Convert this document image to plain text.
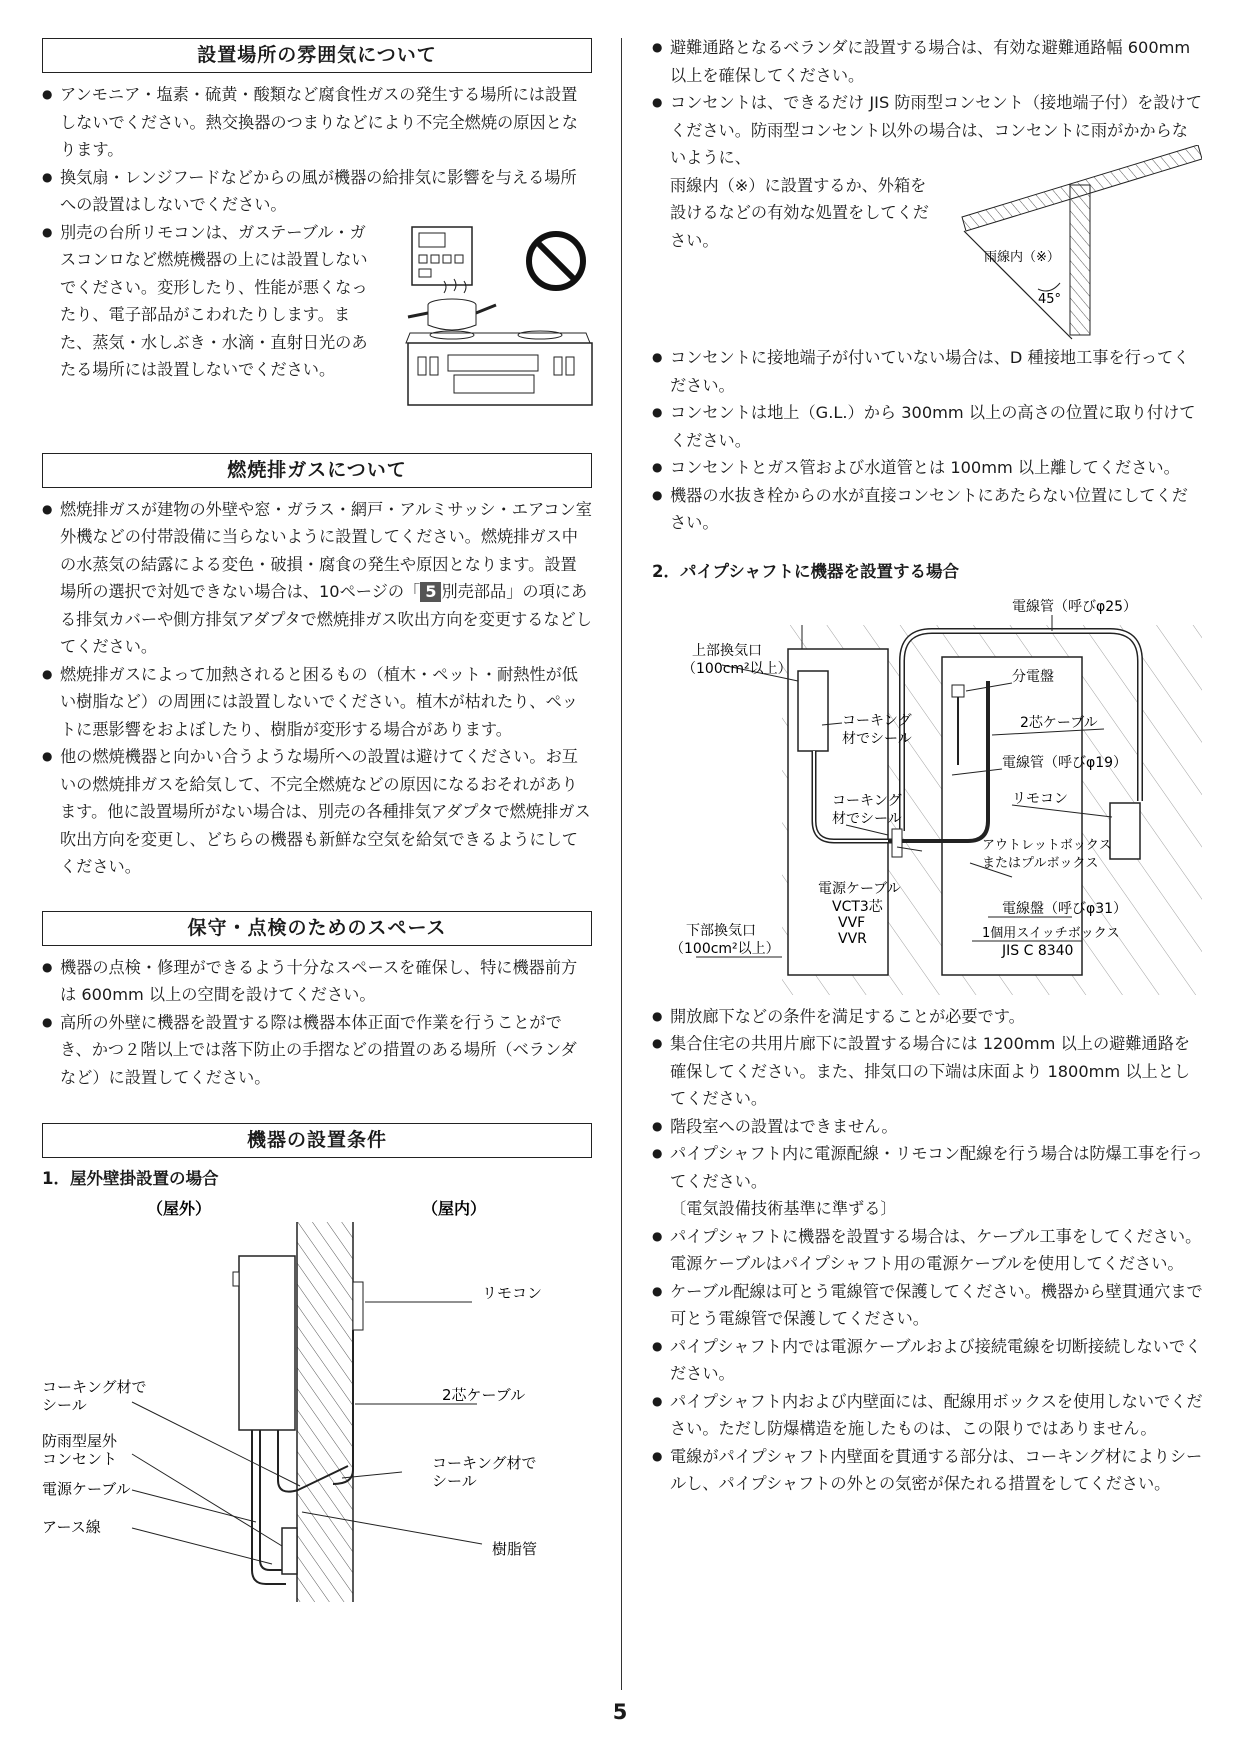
設置場所の雰囲気について

● アンモニア・塩素・硫黄・酸類など腐食性ガスの発生する場所には設置しないでください。熱交換器のつまりなどにより不完全燃焼の原因となります。

● 換気扇・レンジフードなどからの風が機器の給排気に影響を与える場所への設置はしないでください。

● 別売の台所リモコンは、ガステーブル・ガスコンロなど燃焼機器の上には設置しないでください。変形したり、性能が悪くなったり、電子部品がこわれたりします。また、蒸気・水しぶき・水滴・直射日光のあたる場所には設置しないでください。

燃焼排ガスについて

● 燃焼排ガスが建物の外壁や窓・ガラス・網戸・アルミサッシ・エアコン室外機などの付帯設備に当らないように設置してください。燃焼排ガス中の水蒸気の結露による変色・破損・腐食の発生や原因となります。設置場所の選択で対処できない場合は、10ページの「 5 別売部品」の項にある排気カバーや側方排気アダプタで燃焼排ガス吹出方向を変更するなどしてください。

● 燃焼排ガスによって加熱されると困るもの（植木・ペット・耐熱性が低い樹脂など）の周囲には設置しないでください。植木が枯れたり、ペットに悪影響をおよぼしたり、樹脂が変形する場合があります。

● 他の燃焼機器と向かい合うような場所への設置は避けてください。お互いの燃焼排ガスを給気して、不完全燃焼などの原因になるおそれがあります。他に設置場所がない場合は、別売の各種排気アダプタで燃焼排ガス吹出方向を変更し、どちらの機器も新鮮な空気を給気できるようにしてください。

保守・点検のためのスペース

● 機器の点検・修理ができるよう十分なスペースを確保し、特に機器前方は 600mm 以上の空間を設けてください。

● 高所の外壁に機器を設置する際は機器本体正面で作業を行うことができ、かつ２階以上では落下防止の手摺などの措置のある場所（ベランダなど）に設置してください。

機器の設置条件

1．屋外壁掛設置の場合

（屋外）	（屋内）
リモコン
2芯ケーブル
コーキング材で
シール
防雨型屋外
コンセント
電源ケーブル
アース線
コーキング材で
シール
樹脂管

● 避難通路となるベランダに設置する場合は、有効な避難通路幅 600mm 以上を確保してください。

● コンセントは、できるだけ JIS 防雨型コンセント（接地端子付）を設けてください。防雨型コンセント以外の場合は、コンセントに雨がかからないように、

雨線内（※）に設置するか、外箱を設けるなどの有効な処置をしてください。

雨線内（※）
45°

● コンセントに接地端子が付いていない場合は、D 種接地工事を行ってください。

● コンセントは地上（G.L.）から 300mm 以上の高さの位置に取り付けてください。

● コンセントとガス管および水道管とは 100mm 以上離してください。

● 機器の水抜き栓からの水が直接コンセントにあたらない位置にしてください。

2．パイプシャフトに機器を設置する場合

電線管（呼びφ25）
上部換気口
（100cm²以上）	分電盤
コーキング
材でシール
2芯ケーブル
電線管（呼びφ19）
コーキング
材でシール
リモコン
アウトレットボックス
またはプルボックス
電源ケーブル
VCT3芯
VVF
VVR
電線盤（呼びφ31）
下部換気口
（100cm²以上）
1個用スイッチボックス
JIS C 8340

● 開放廊下などの条件を満足することが必要です。

● 集合住宅の共用片廊下に設置する場合には 1200mm 以上の避難通路を確保してください。また、排気口の下端は床面より 1800mm 以上としてください。

● 階段室への設置はできません。

● パイプシャフト内に電源配線・リモコン配線を行う場合は防爆工事を行ってください。

〔電気設備技術基準に準ずる〕

● パイプシャフトに機器を設置する場合は、ケーブル工事をしてください。電源ケーブルはパイプシャフト用の電源ケーブルを使用してください。

● ケーブル配線は可とう電線管で保護してください。機器から壁貫通穴まで可とう電線管で保護してください。

● パイプシャフト内では電源ケーブルおよび接続電線を切断接続しないでください。

● パイプシャフト内および内壁面には、配線用ボックスを使用しないでください。ただし防爆構造を施したものは、この限りではありません。

● 電線がパイプシャフト内壁面を貫通する部分は、コーキング材によりシールし、パイプシャフトの外との気密が保たれる措置をしてください。

5
